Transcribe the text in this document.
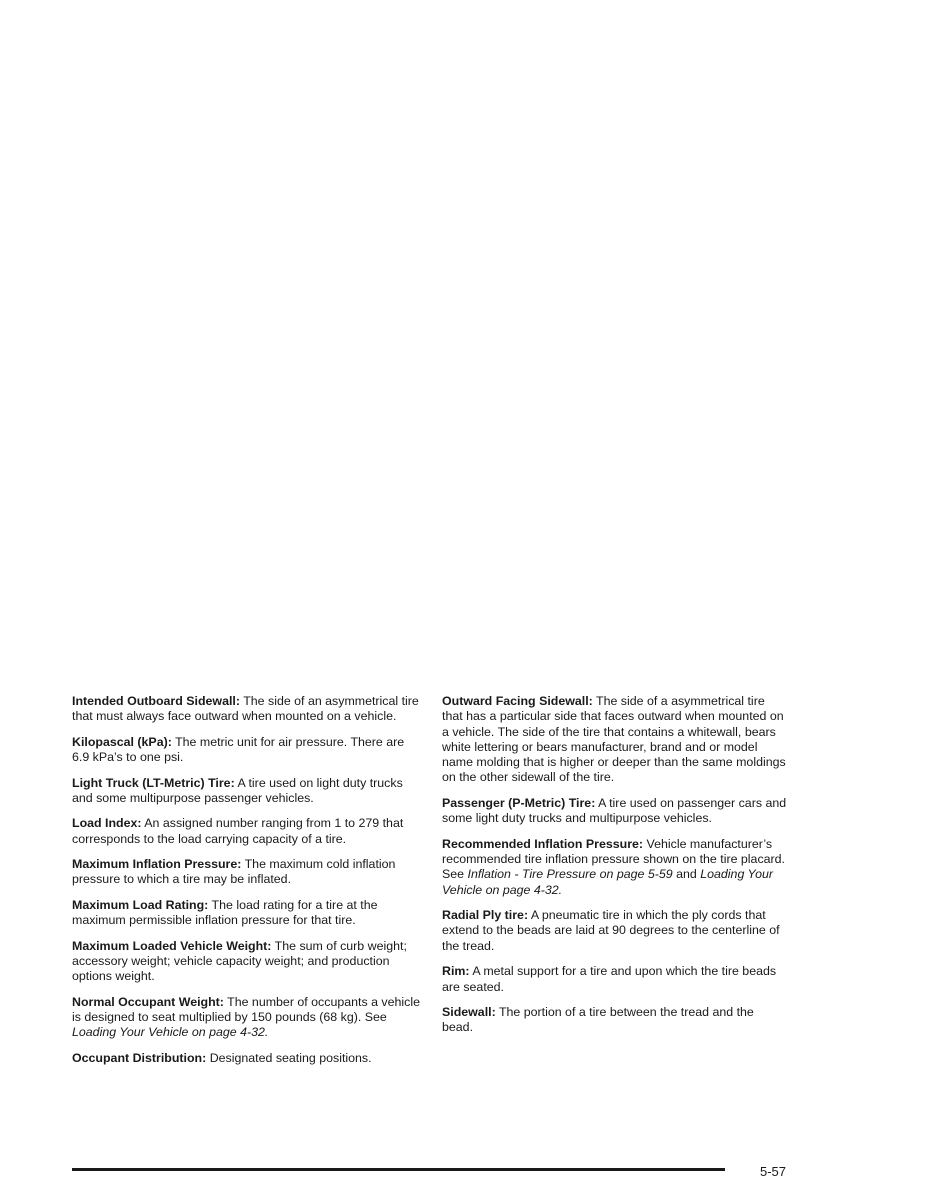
Intended Outboard Sidewall: The side of an asymmetrical tire that must always face outward when mounted on a vehicle.

Kilopascal (kPa): The metric unit for air pressure. There are 6.9 kPa’s to one psi.

Light Truck (LT-Metric) Tire: A tire used on light duty trucks and some multipurpose passenger vehicles.

Load Index: An assigned number ranging from 1 to 279 that corresponds to the load carrying capacity of a tire.

Maximum Inflation Pressure: The maximum cold inflation pressure to which a tire may be inflated.

Maximum Load Rating: The load rating for a tire at the maximum permissible inflation pressure for that tire.

Maximum Loaded Vehicle Weight: The sum of curb weight; accessory weight; vehicle capacity weight; and production options weight.

Normal Occupant Weight: The number of occupants a vehicle is designed to seat multiplied by 150 pounds (68 kg). See Loading Your Vehicle on page 4-32.

Occupant Distribution: Designated seating positions.

Outward Facing Sidewall: The side of a asymmetrical tire that has a particular side that faces outward when mounted on a vehicle. The side of the tire that contains a whitewall, bears white lettering or bears manufacturer, brand and or model name molding that is higher or deeper than the same moldings on the other sidewall of the tire.

Passenger (P-Metric) Tire: A tire used on passenger cars and some light duty trucks and multipurpose vehicles.

Recommended Inflation Pressure: Vehicle manufacturer’s recommended tire inflation pressure shown on the tire placard. See Inflation - Tire Pressure on page 5-59 and Loading Your Vehicle on page 4-32.

Radial Ply tire: A pneumatic tire in which the ply cords that extend to the beads are laid at 90 degrees to the centerline of the tread.

Rim: A metal support for a tire and upon which the tire beads are seated.

Sidewall: The portion of a tire between the tread and the bead.

5-57
